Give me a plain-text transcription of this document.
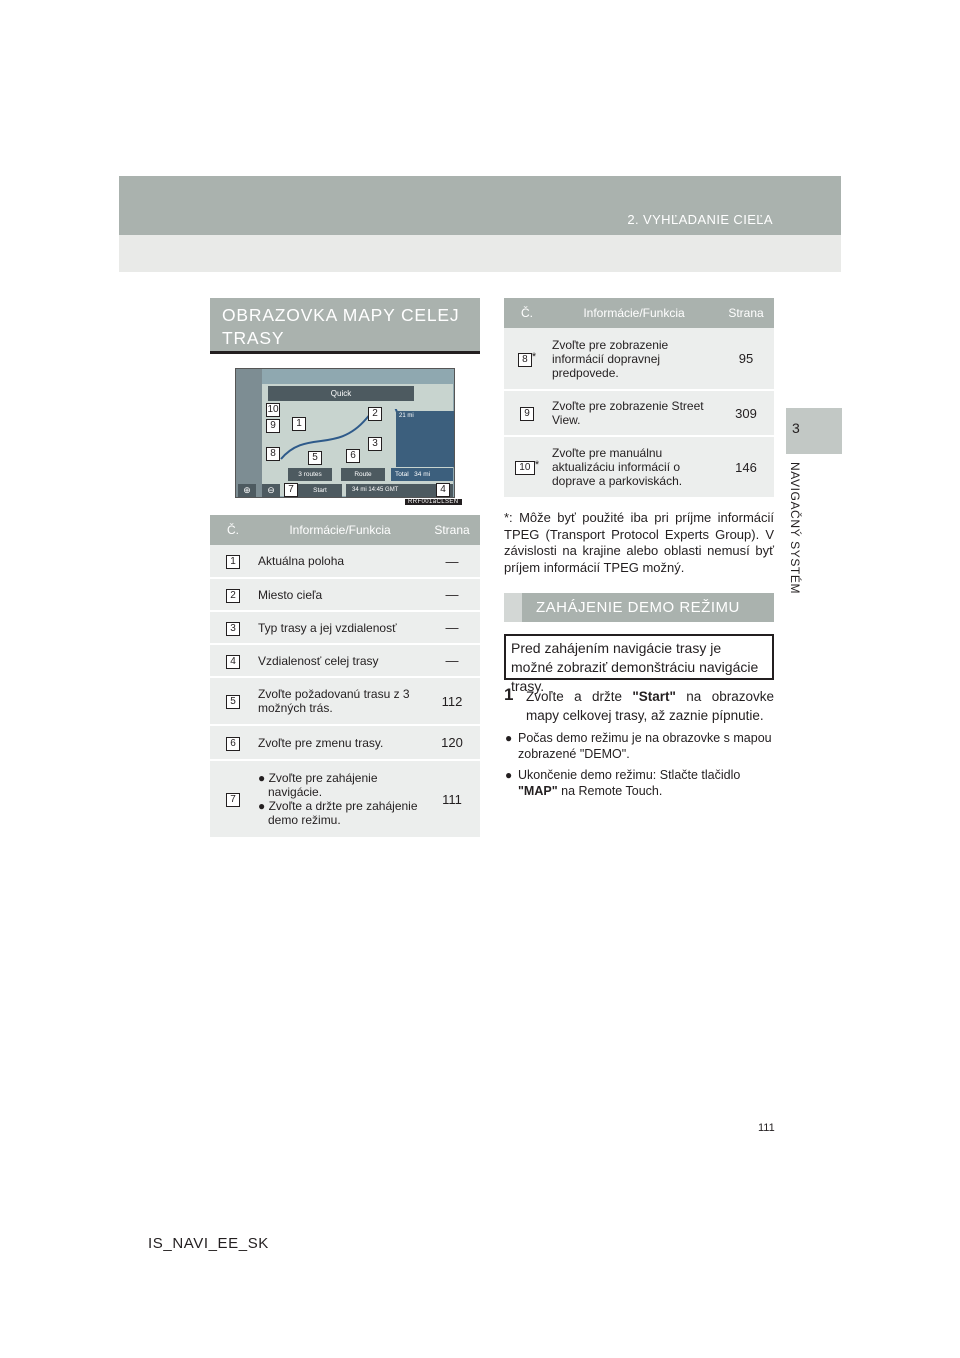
2. VYHĽADANIE CIEĽA
3
NAVIGAČNÝ SYSTÉM
OBRAZOVKA MAPY CELEJ TRASY
Quick
21 mi
3 routes	Route	Total 34 mi
⊕	⊖	Start	34 mi 14:45 GMT
10
9	1
2
3
8	5	6
7	4
RRF001aCLSEN
Č.	Informácie/Funkcia	Strana
1	Aktuálna poloha	—
2	Miesto cieľa	—
3	Typ trasy a jej vzdialenosť	—
4	Vzdialenosť celej trasy	—
5	Zvoľte požadovanú trasu z 3 možných trás.	112
6	Zvoľte pre zmenu trasy.	120
7	● Zvoľte pre zahájenie navigácie.
● Zvoľte a držte pre zahájenie demo režimu.	111
Č.	Informácie/Funkcia	Strana
8 *	Zvoľte pre zobrazenie informácií dopravnej predpovede.	95
9	Zvoľte pre zobrazenie Street View.	309
10 *	Zvoľte pre manuálnu aktualizáciu informácií o doprave a parkoviskách.	146

*: Môže byť použité iba pri príjme informácií TPEG (Transport Protocol Experts Group). V závislosti na krajine alebo oblasti nemusí byť príjem informácií TPEG možný.

ZAHÁJENIE DEMO REŽIMU
Pred zahájením navigácie trasy je možné zobraziť demonštráciu navigácie trasy.
1 Zvoľte a držte "Start" na obrazovke mapy celkovej trasy, až zaznie pípnutie.
● Počas demo režimu je na obrazovke s mapou zobrazené "DEMO".
● Ukončenie demo režimu: Stlačte tlačidlo "MAP" na Remote Touch.
111
IS_NAVI_EE_SK
